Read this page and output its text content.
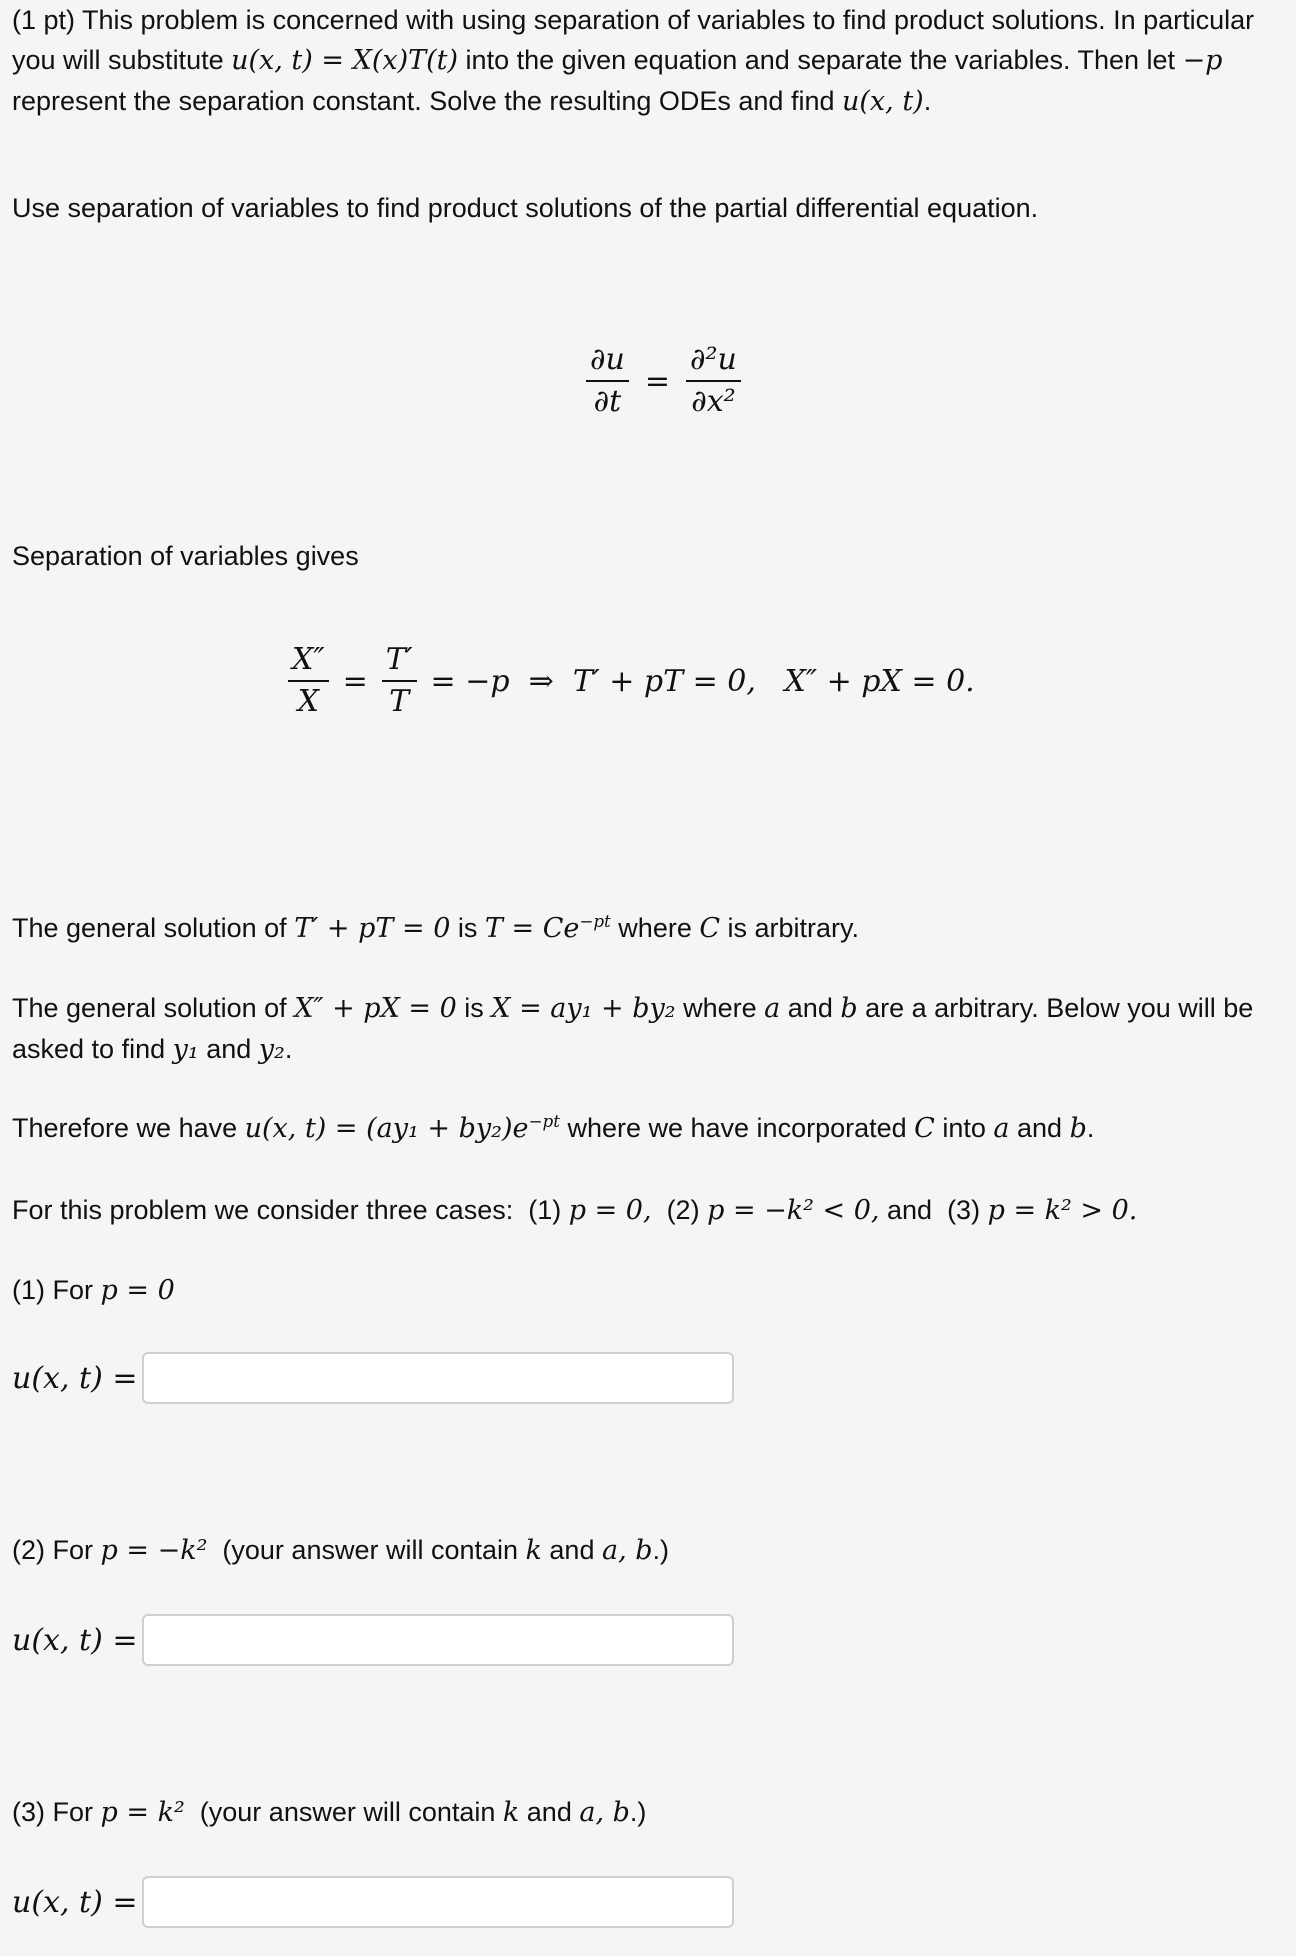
(1 pt) This problem is concerned with using separation of variables to find product solutions. In particular you will substitute u(x, t) = X(x)T(t) into the given equation and separate the variables. Then let −p represent the separation constant. Solve the resulting ODEs and find u(x, t).
Use separation of variables to find product solutions of the partial differential equation.
$\frac{\partial u}{\partial t} = \frac{\text{∂²u}}{\text{∂x²}}$
Separation of variables gives
$\frac{X''}{X} = \frac{T'}{T} = -p$  ⇒  T′ + pT = 0,   X″ + pX = 0.
The general solution of T′ + pT = 0 is $T = Ce^{-pt}$ where C is arbitrary.
The general solution of X″ + pX = 0 is X = ay₁ + by₂ where a and b are a arbitrary. Below you will be asked to find y₁ and y₂.
Therefore we have u(x, $t) = (ay_1 + by_2)e^{-pt}$ where we have incorporated C into a and b.
For this problem we consider three cases:  (1) p = 0,  (2) p = −k² < 0, and  (3) p = k² > 0.
(1) For p = 0
u(x, t) =
(2) For p = −k²  (your answer will contain k and a, b.)
u(x, t) =
(3) For p = k²  (your answer will contain k and a, b.)
u(x, t) =
